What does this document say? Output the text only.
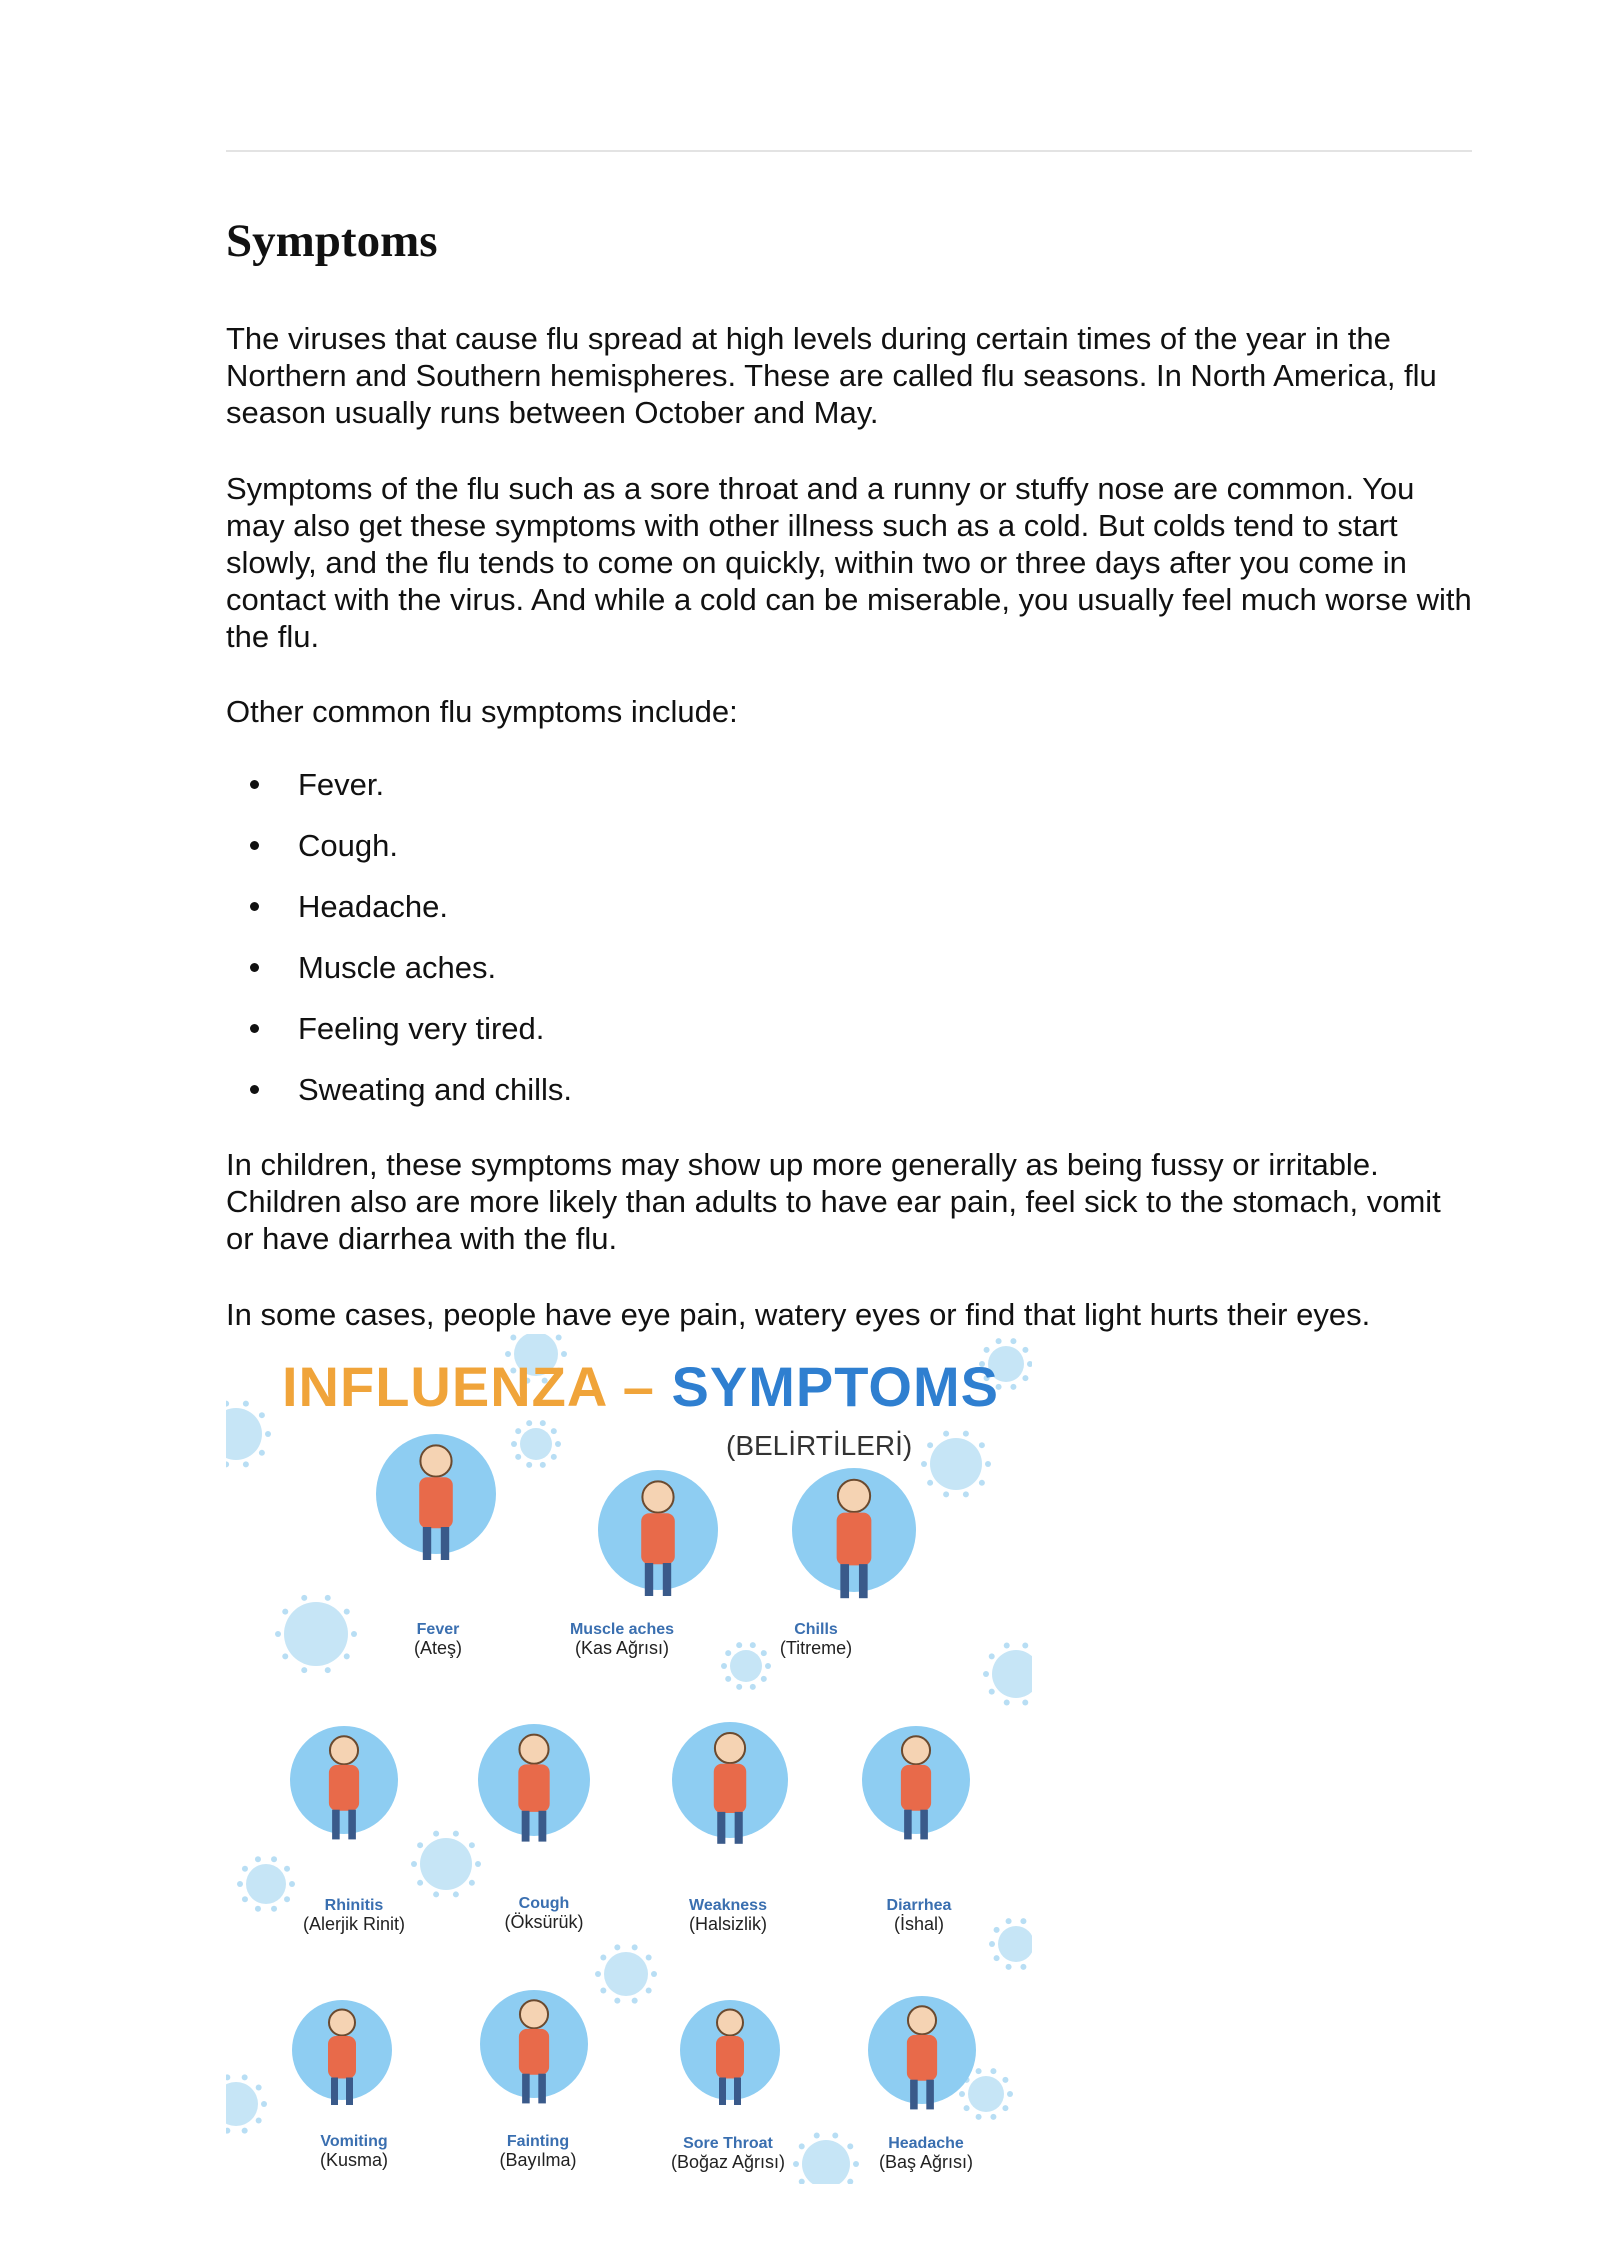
Symptoms

The viruses that cause flu spread at high levels during certain times of the year in the Northern and Southern hemispheres. These are called flu seasons. In North America, flu season usually runs between October and May.

Symptoms of the flu such as a sore throat and a runny or stuffy nose are common. You may also get these symptoms with other illness such as a cold. But colds tend to start slowly, and the flu tends to come on quickly, within two or three days after you come in contact with the virus. And while a cold can be miserable, you usually feel much worse with the flu.

Other common flu symptoms include:

Fever.
Cough.
Headache.
Muscle aches.
Feeling very tired.
Sweating and chills.

In children, these symptoms may show up more generally as being fussy or irritable. Children also are more likely than adults to have ear pain, feel sick to the stomach, vomit or have diarrhea with the flu.

In some cases, people have eye pain, watery eyes or find that light hurts their eyes.

INFLUENZA – SYMPTOMS
(BELİRTİLERİ)
Fever
(Ateş)
Muscle aches
(Kas Ağrısı)
Chills
(Titreme)
Rhinitis
(Alerjik Rinit)
Cough
(Öksürük)
Weakness
(Halsizlik)
Diarrhea
(İshal)
Vomiting
(Kusma)
Fainting
(Bayılma)
Sore Throat
(Boğaz Ağrısı)
Headache
(Baş Ağrısı)
